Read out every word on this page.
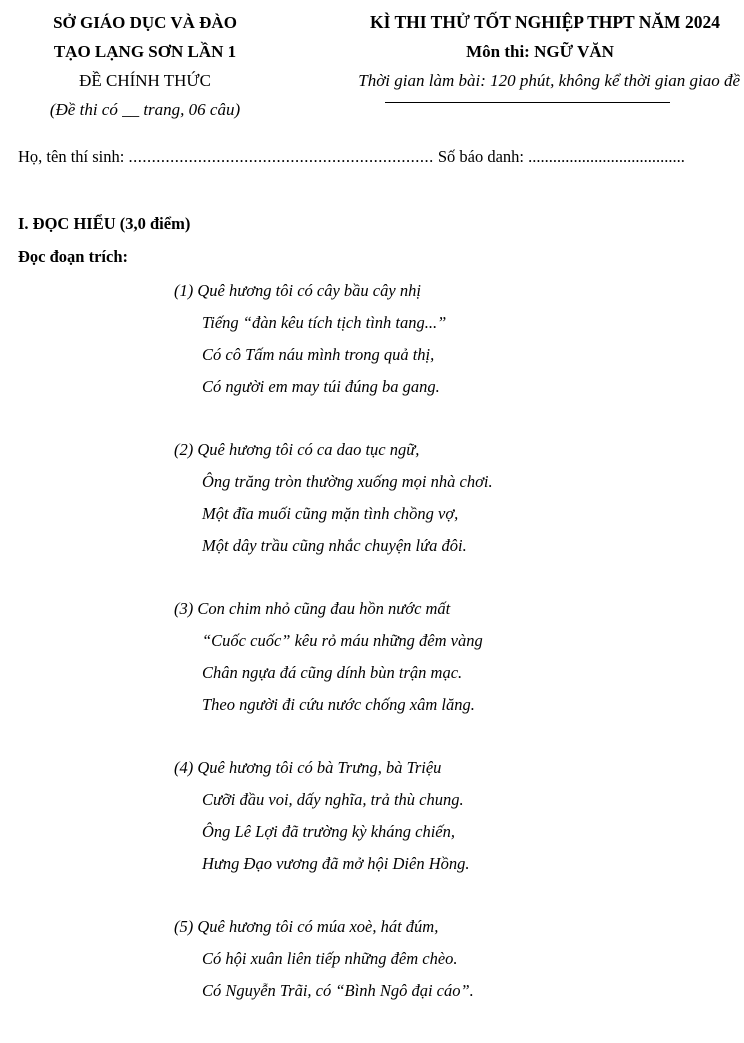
SỞ GIÁO DỤC VÀ ĐÀO
TẠO LẠNG SƠN LẦN 1
ĐỀ CHÍNH THỨC
(Đề thi có __ trang, 06 câu)
KÌ THI THỬ TỐT NGHIỆP THPT NĂM 2024
Môn thi: NGỮ VĂN
Thời gian làm bài: 120 phút, không kể thời gian giao đề
Họ, tên thí sinh: .................................................................. Số báo danh: ......................................
I. ĐỌC HIỂU (3,0 điểm)
Đọc đoạn trích:
(1) Quê hương tôi có cây bầu cây nhị
Tiếng “đàn kêu tích tịch tình tang...”
Có cô Tấm náu mình trong quả thị,
Có người em may túi đúng ba gang.
(2) Quê hương tôi có ca dao tục ngữ,
Ông trăng tròn thường xuống mọi nhà chơi.
Một đĩa muối cũng mặn tình chồng vợ,
Một dây trầu cũng nhắc chuyện lứa đôi.
(3) Con chim nhỏ cũng đau hồn nước mất
“Cuốc cuốc” kêu rỏ máu những đêm vàng
Chân ngựa đá cũng dính bùn trận mạc.
Theo người đi cứu nước chống xâm lăng.
(4) Quê hương tôi có bà Trưng, bà Triệu
Cưỡi đầu voi, dấy nghĩa, trả thù chung.
Ông Lê Lợi đã trường kỳ kháng chiến,
Hưng Đạo vương đã mở hội Diên Hồng.
(5) Quê hương tôi có múa xoè, hát đúm,
Có hội xuân liên tiếp những đêm chèo.
Có Nguyễn Trãi, có “Bình Ngô đại cáo”.
